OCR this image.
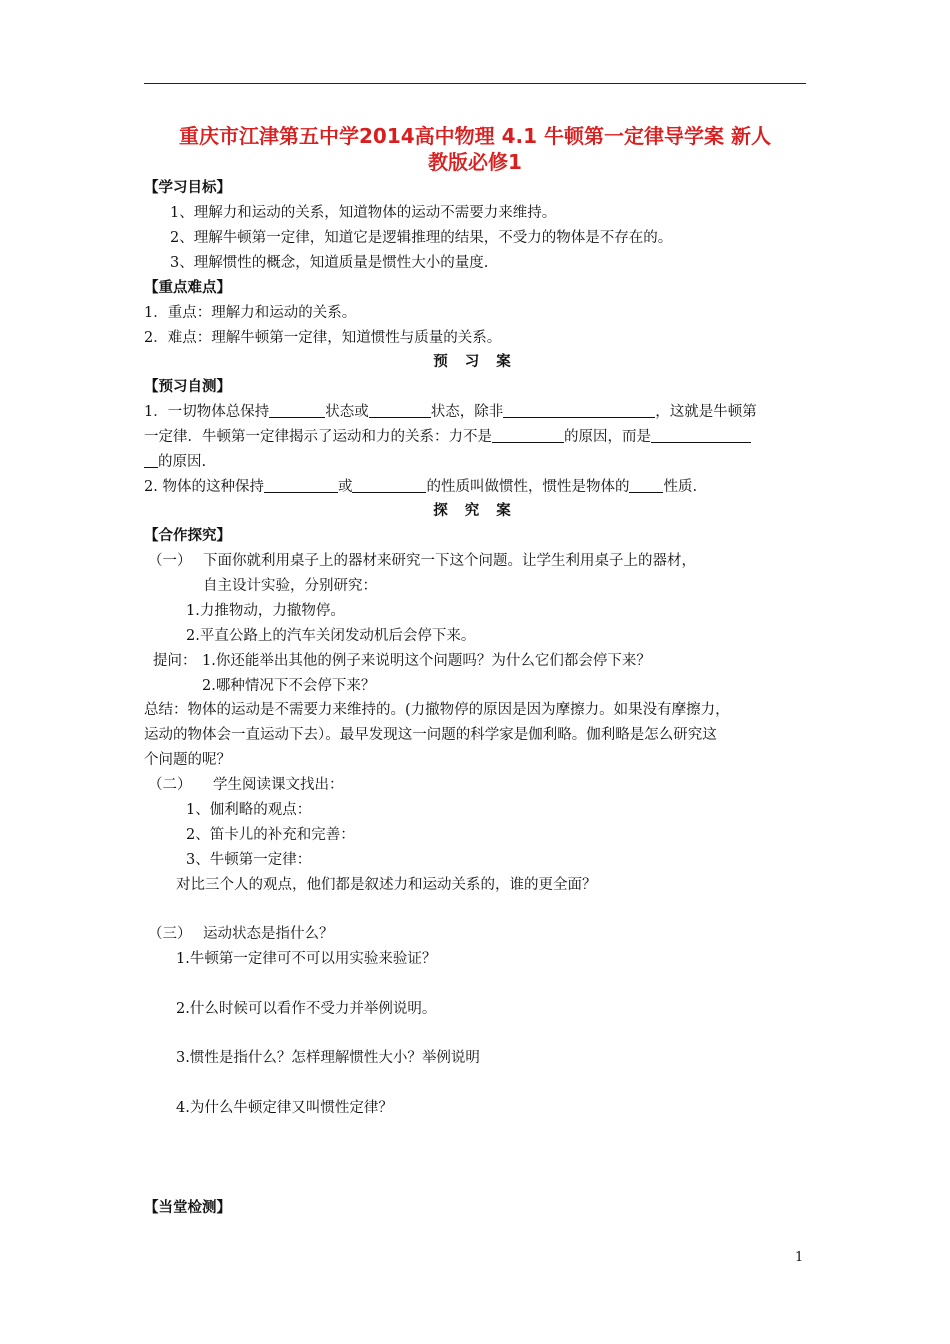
重庆市江津第五中学2014高中物理 4.1 牛顿第一定律导学案 新人
教版必修1
【学习目标】
1、理解力和运动的关系，知道物体的运动不需要力来维持。
2、理解牛顿第一定律，知道它是逻辑推理的结果，不受力的物体是不存在的。
3、理解惯性的概念，知道质量是惯性大小的量度.
【重点难点】
1．重点：理解力和运动的关系。
2．难点：理解牛顿第一定律，知道惯性与质量的关系。
预 习 案
【预习自测】
1．一切物体总保持	状态或	状态，除非	，这就是牛顿第
一定律．牛顿第一定律揭示了运动和力的关系：力不是	的原因，而是
的原因.
2. 物体的这种保持	或	的性质叫做惯性，惯性是物体的 性质.
探 究 案
【合作探究】
（一） 下面你就利用桌子上的器材来研究一下这个问题。让学生利用桌子上的器材，
自主设计实验，分别研究：
1.力推物动，力撤物停。
2.平直公路上的汽车关闭发动机后会停下来。
提问： 1.你还能举出其他的例子来说明这个问题吗？为什么它们都会停下来？
2.哪种情况下不会停下来？
总结：物体的运动是不需要力来维持的。(力撤物停的原因是因为摩擦力。如果没有摩擦力，
运动的物体会一直运动下去）。最早发现这一问题的科学家是伽利略。伽利略是怎么研究这
个问题的呢？
（二） 学生阅读课文找出：
1、伽利略的观点：
2、笛卡儿的补充和完善：
3、牛顿第一定律：
对比三个人的观点，他们都是叙述力和运动关系的，谁的更全面？
（三） 运动状态是指什么？
1.牛顿第一定律可不可以用实验来验证？
2.什么时候可以看作不受力并举例说明。
3.惯性是指什么？怎样理解惯性大小？举例说明
4.为什么牛顿定律又叫惯性定律？
【当堂检测】
1
